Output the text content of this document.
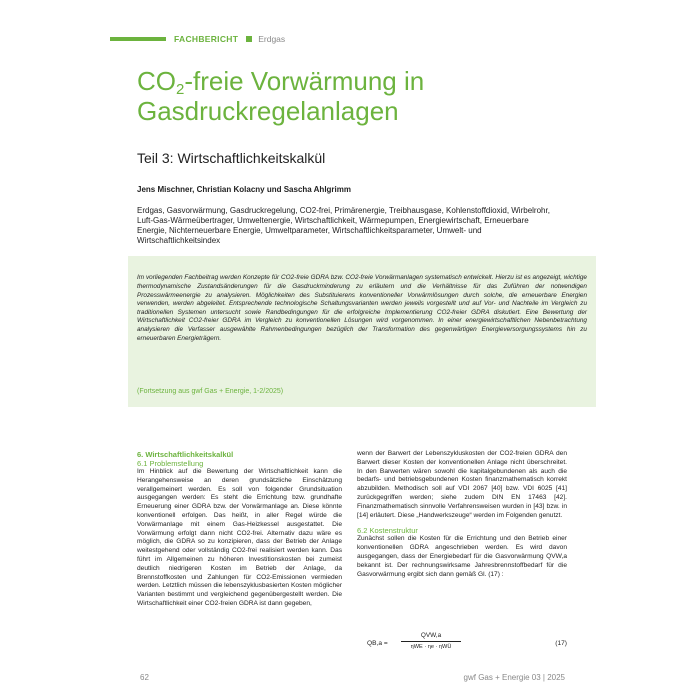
FACHBERICHT Erdgas
$CO_2$-freie Vorwärmung in
Gasdruckregelanlagen
Teil 3: Wirtschaftlichkeitskalkül
Jens Mischner, Christian Kolacny und Sascha Ahlgrimm
Erdgas, Gasvorwärmung, Gasdruckregelung, CO2-frei, Primärenergie, Treibhausgase, Kohlenstoffdioxid, Wirbelrohr, Luft-Gas-Wärmeübertrager, Umweltenergie, Wirtschaftlichkeit, Wärmepumpen, Energiewirtschaft, Erneuerbare Energie, Nichterneuerbare Energie, Umweltparameter, Wirtschaftlichkeitsparameter, Umwelt- und Wirtschaftlichkeitsindex

Im vorliegenden Fachbeitrag werden Konzepte für CO2-freie GDRA bzw. CO2-freie Vorwärmanlagen systematisch entwickelt. Hierzu ist es angezeigt, wichtige thermodynamische Zustandsänderungen für die Gasdruckminderung zu erläutern und die Verhältnisse für das Zuführen der notwendigen Prozesswärmeenergie zu analysieren. Möglichkeiten des Substituierens konventioneller Vorwärmlösungen durch solche, die erneuerbare Energien verwenden, werden abgeleitet. Entsprechende technologische Schaltungsvarianten werden jeweils vorgestellt und auf Vor- und Nachteile im Vergleich zu traditionellen Systemen untersucht sowie Randbedingungen für die erfolgreiche Implementierung CO2-freier GDRA diskutiert. Eine Bewertung der Wirtschaftlichkeit CO2-freier GDRA im Vergleich zu konventionellen Lösungen wird vorgenommen. In einer energiewirtschaftlichen Nebenbetrachtung analysieren die Verfasser ausgewählte Rahmenbedingungen bezüglich der Transformation des gegenwärtigen Energieversorgungssystems hin zu erneuerbaren Energieträgern.

(Fortsetzung aus gwf Gas + Energie, 1-2/2025)
6. Wirtschaftlichkeitskalkül
6.1 Problemstellung

Im Hinblick auf die Bewertung der Wirtschaftlichkeit kann die Herangehensweise an deren grundsätzliche Einschätzung verallgemeinert werden. Es soll von folgender Grundsituation ausgegangen werden: Es steht die Errichtung bzw. grundhafte Erneuerung einer GDRA bzw. der Vorwärmanlage an. Diese könnte konventionell erfolgen. Das heißt, in aller Regel würde die Vorwärmanlage mit einem Gas-Heizkessel ausgestattet. Die Vorwärmung erfolgt dann nicht CO2-frei. Alternativ dazu wäre es möglich, die GDRA so zu konzipieren, dass der Betrieb der Anlage weitestgehend oder vollständig CO2-frei realisiert werden kann. Das führt im Allgemeinen zu höheren Investitionskosten bei zumeist deutlich niedrigeren Kosten im Betrieb der Anlage, da Brennstoffkosten und Zahlungen für CO2-Emissionen vermieden werden. Letztlich müssen die lebenszyklusbasierten Kosten möglicher Varianten bestimmt und vergleichend gegenübergestellt werden. Die Wirtschaftlichkeit einer CO2-freien GDRA ist dann gegeben,

wenn der Barwert der Lebenszykluskosten der CO2-freien GDRA den Barwert dieser Kosten der konventionellen Anlage nicht überschreitet. In den Barwerten wären sowohl die kapitalgebundenen als auch die bedarfs- und betriebsgebundenen Kosten finanzmathematisch korrekt abzubilden. Methodisch soll auf VDI 2067 [40] bzw. VDI 6025 [41] zurückgegriffen werden; siehe zudem DIN EN 17463 [42]. Finanzmathematisch sinnvolle Verfahrensweisen wurden in [43] bzw. in [14] erläutert. Diese „Handwerkszeuge“ werden im Folgenden genutzt.

6.2 Kostenstruktur

Zunächst sollen die Kosten für die Errichtung und den Betrieb einer konventionellen GDRA angeschrieben werden. Es wird davon ausgegangen, dass der Energiebedarf für die Gasvorwärmung QVW,a bekannt ist. Der rechnungswirksame Jahresbrennstoffbedarf für die Gasvorwärmung ergibt sich dann gemäß Gl. (17) :

QB,a =
QVW,a
ηWE · ηe · ηWÜ	(17)
62	gwf Gas + Energie 03 | 2025
